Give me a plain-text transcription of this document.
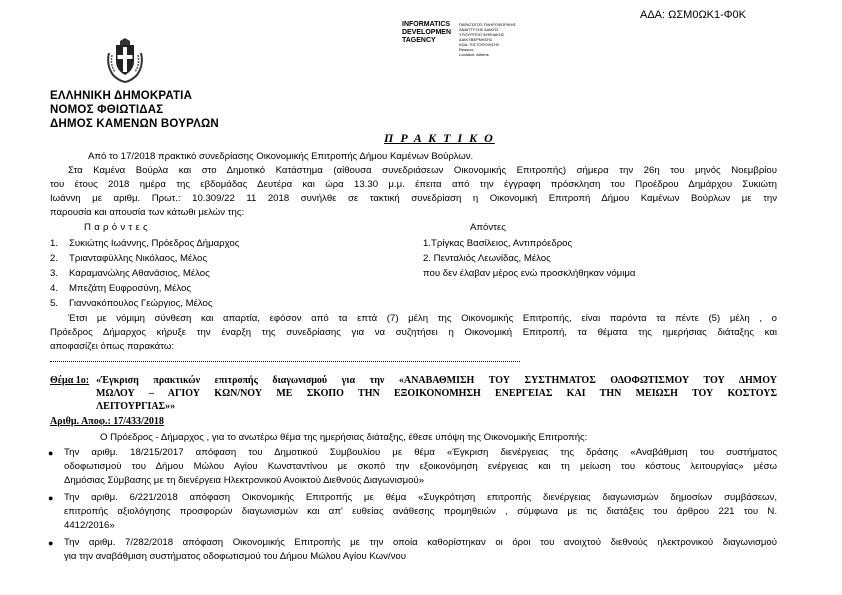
ΑΔΑ: ΩΣΜ0ΩΚ1-Φ0Κ
INFORMATICS
DEVELOPMEN
TAGENCY
ΠΑΡΑΓΩΓΟΣ ΠΛΗΡΟΦΟΡΙΚΗΣ
ΑΝΑΠΤΥΞΗΣ ΔΙΑΚΗΣ
ΥΠΟΥΡΓΕΙΟ ΨΗΦΙΑΚΗΣ
ΔΙΑΚΥΒΕΡΝΗΣΗΣ
ΚΩΔ. ΠΙΣΤΟΠΟΙΗΣΗΣ
Reason:
Location: Athens
ΕΛΛΗΝΙΚΗ ΔΗΜΟΚΡΑΤΙΑ
ΝΟΜΟΣ ΦΘΙΩΤΙΔΑΣ
ΔΗΜΟΣ ΚΑΜΕΝΩΝ ΒΟΥΡΛΩΝ
Π Ρ Α Κ Τ Ι Κ Ο
Από το 17/2018 πρακτικό συνεδρίασης Οικονομικής Επιτροπής Δήμου Καμένων Βούρλων.
Στα Καμένα Βούρλα και στο Δημοτικό Κατάστημα (αίθουσα συνεδριάσεων Οικονομικής Επιτροπής) σήμερα την 26η του μηνός Νοεμβρίου
του έτους 2018 ημέρα της εβδομάδας Δευτέρα και ώρα 13.30 μ.μ. έπειτα από την έγγραφη πρόσκληση του Προέδρου Δημάρχου Συκιώτη
Ιωάννη με αριθμ. Πρωτ.: 10.309/22 11 2018 συνήλθε σε τακτική συνεδρίαση η Οικονομική Επιτροπή Δήμου Καμένων Βούρλων με την
παρουσία και απουσία των κάτωθι μελών της:
Π α ρ ό ν τ ε ς	Απόντες
1. Συκιώτης Ιωάννης, Πρόεδρος Δήμαρχος
2. Τριανταφύλλης Νικόλαος, Μέλος
3. Καραμανώλης Αθανάσιος, Μέλος
4. Μπεζάτη Ευφροσύνη, Μέλος
5. Γιαννακόπουλος Γεώργιος, Μέλος
1.Τρίγκας Βασίλειος, Αντιπρόεδρος
2. Πενταλιός Λεωνίδας, Μέλος
που δεν έλαβαν μέρος ενώ προσκλήθηκαν νόμιμα
Έτσι με νόμιμη σύνθεση και απαρτία, εφόσον από τα επτά (7) μέλη της Οικονομικής Επιτροπής, είναι παρόντα τα πέντε (5) μέλη , ο
Πρόεδρος Δήμαρχος κήρυξε την έναρξη της συνεδρίασης για να συζητήσει η Οικονομική Επιτροπή, τα θέματα της ημερήσιας διάταξης και
αποφασίζει όπως παρακάτω:
Θέμα 1ο: «Έγκριση πρακτικών επιτροπής διαγωνισμού για την «ΑΝΑΒΑΘΜΙΣΗ ΤΟΥ ΣΥΣΤΗΜΑΤΟΣ ΟΔΟΦΩΤΙΣΜΟΥ ΤΟΥ ΔΗΜΟΥ
ΜΩΛΟΥ – ΑΓΙΟΥ ΚΩΝ/ΝΟΥ ΜΕ ΣΚΟΠΟ ΤΗΝ ΕΞΟΙΚΟΝΟΜΗΣΗ ΕΝΕΡΓΕΙΑΣ ΚΑΙ ΤΗΝ ΜΕΙΩΣΗ ΤΟΥ ΚΟΣΤΟΥΣ
ΛΕΙΤΟΥΡΓΙΑΣ»»
Αριθμ. Αποφ.: 17/433/2018
Ο Πρόεδρος - Δήμαρχος , για το ανωτέρω θέμα της ημερήσιας διάταξης, έθεσε υπόψη της Οικονομικής Επιτροπής:
● Την αριθμ. 18/215/2017 απόφαση του Δημοτικού Συμβουλίου με θέμα «Έγκριση διενέργειας της δράσης «Αναβάθμιση του συστήματος
οδοφωτισμού του Δήμου Μώλου Αγίου Κωνσταντίνου με σκοπό την εξοικονόμηση ενέργειας και τη μείωση του κόστους λειτουργίας» μέσω
Δημόσιας Σύμβασης με τη διενέργεια Ηλεκτρονικού Ανοικτού Διεθνούς Διαγωνισμού»
● Την αριθμ. 6/221/2018 απόφαση Οικονομικής Επιτροπής με θέμα «Συγκρότηση επιτροπής διενέργειας διαγωνισμών δημοσίων συμβάσεων,
επιτροπής αξιολόγησης προσφορών διαγωνισμών και απ' ευθείας ανάθεσης προμηθειών , σύμφωνα με τις διατάξεις του άρθρου 221 του Ν.
4412/2016»
● Την αριθμ. 7/282/2018 απόφαση Οικονομικής Επιτροπής με την οποία καθορίστηκαν οι όροι του ανοιχτού διεθνούς ηλεκτρονικού διαγωνισμού
για την αναβάθμιση συστήματος οδοφωτισμού του Δήμου Μώλου Αγίου Κων/νου
